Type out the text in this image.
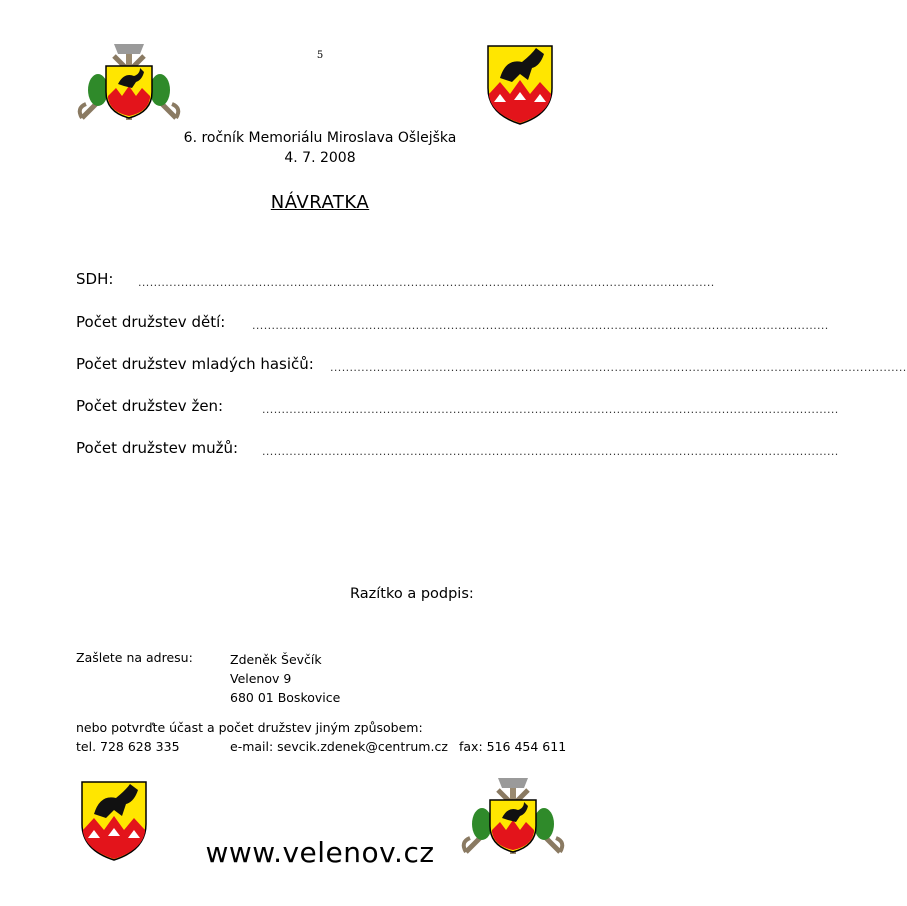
5
6. ročník Memoriálu Miroslava Ošlejška
4. 7. 2008
NÁVRATKA
SDH: ....................................................................................................................................................
Počet družstev dětí: ....................................................................................................................................................
Počet družstev mladých hasičů: ....................................................................................................................................................
Počet družstev žen:	....................................................................................................................................................
Počet družstev mužů: ....................................................................................................................................................
Razítko a podpis:
Zašlete na adresu:	Zdeněk Ševčík
Velenov 9
680 01 Boskovice
nebo potvrďte účast a počet družstev jiným způsobem:
tel. 728 628 335	e-mail: sevcik.zdenek@centrum.cz fax: 516 454 611
www.velenov.cz
